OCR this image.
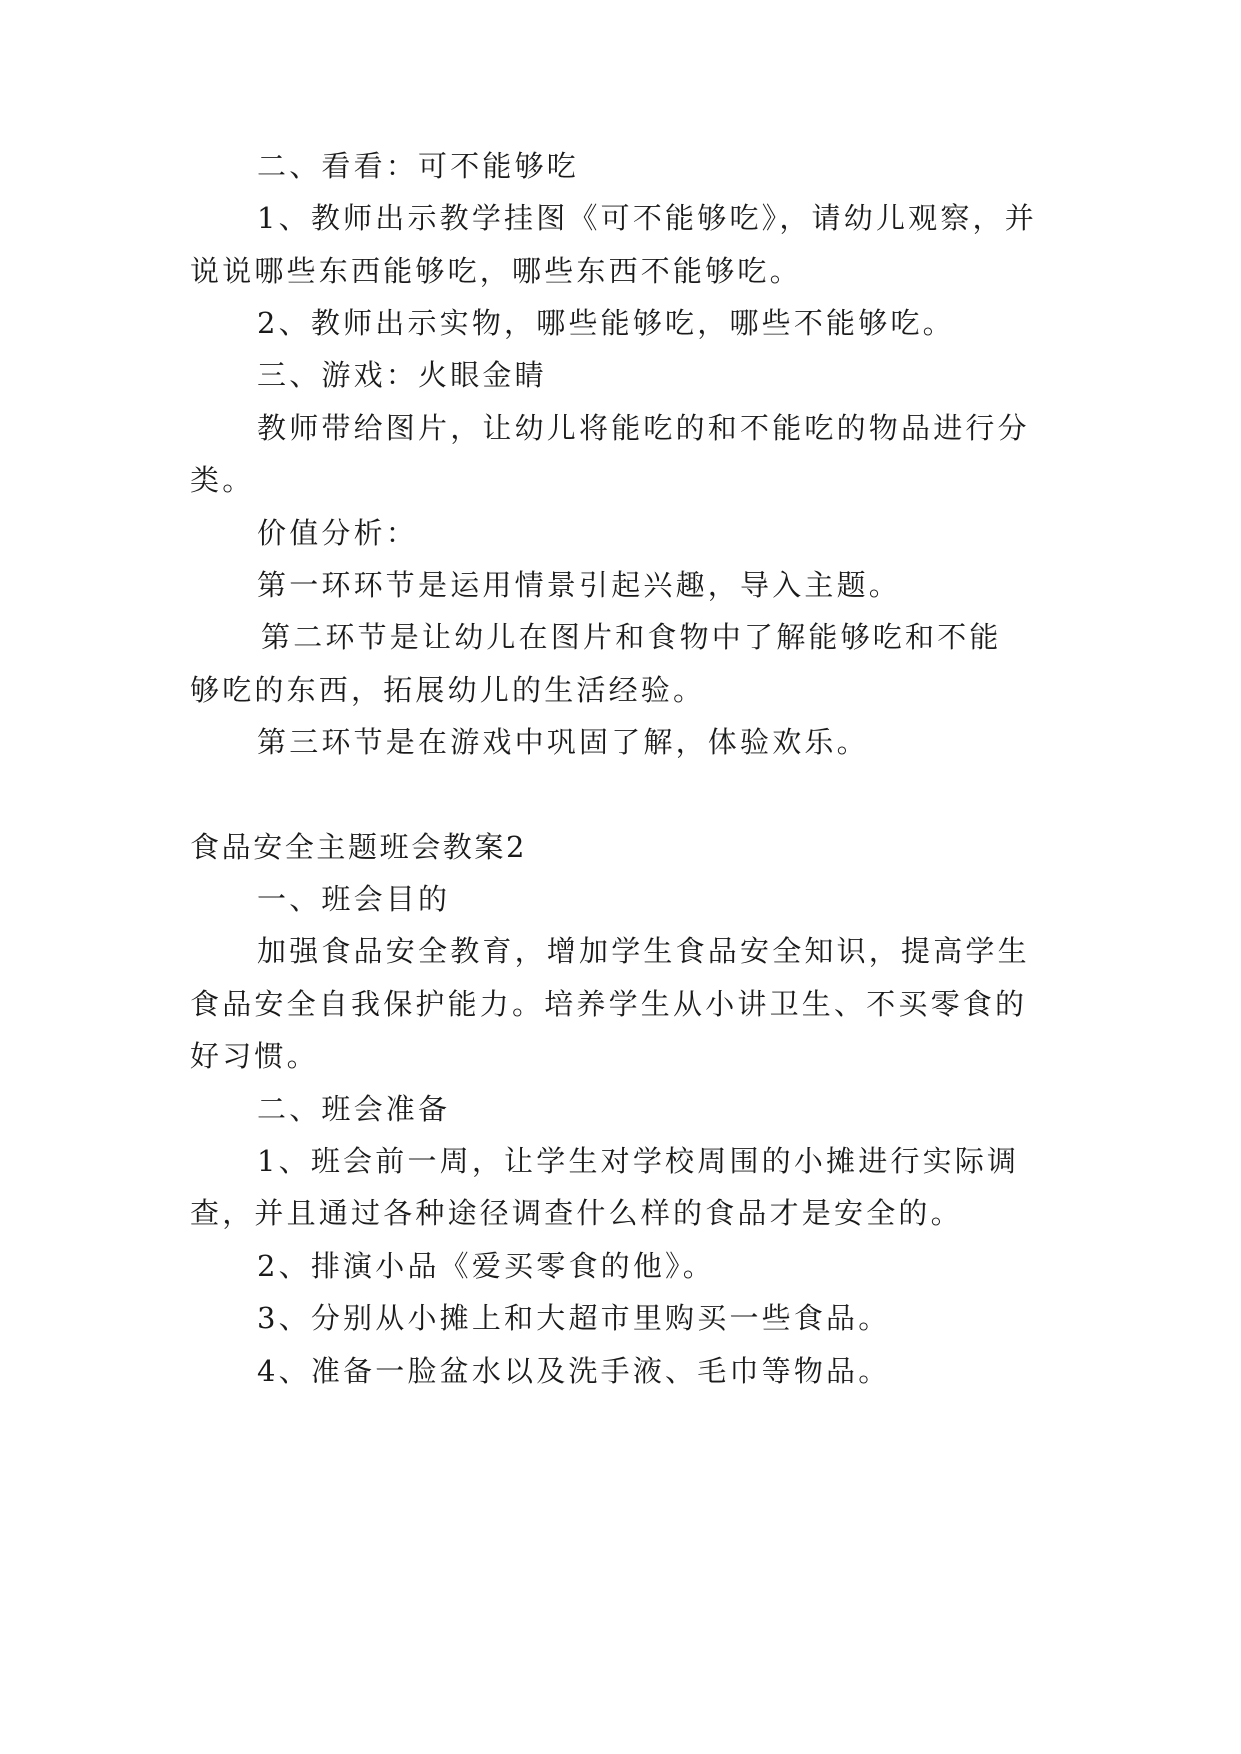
二、看看：可不能够吃
1、教师出示教学挂图《可不能够吃》，请幼儿观察，并
说说哪些东西能够吃，哪些东西不能够吃。
2、教师出示实物，哪些能够吃，哪些不能够吃。
三、游戏：火眼金睛
教师带给图片，让幼儿将能吃的和不能吃的物品进行分
类。
价值分析：
第一环环节是运用情景引起兴趣，导入主题。
第二环节是让幼儿在图片和食物中了解能够吃和不能
够吃的东西，拓展幼儿的生活经验。
第三环节是在游戏中巩固了解，体验欢乐。
食品安全主题班会教案2
一、班会目的
加强食品安全教育，增加学生食品安全知识，提高学生
食品安全自我保护能力。培养学生从小讲卫生、不买零食的
好习惯。
二、班会准备
1、班会前一周，让学生对学校周围的小摊进行实际调
查，并且通过各种途径调查什么样的食品才是安全的。
2、排演小品《爱买零食的他》。
3、分别从小摊上和大超市里购买一些食品。
4、准备一脸盆水以及洗手液、毛巾等物品。
